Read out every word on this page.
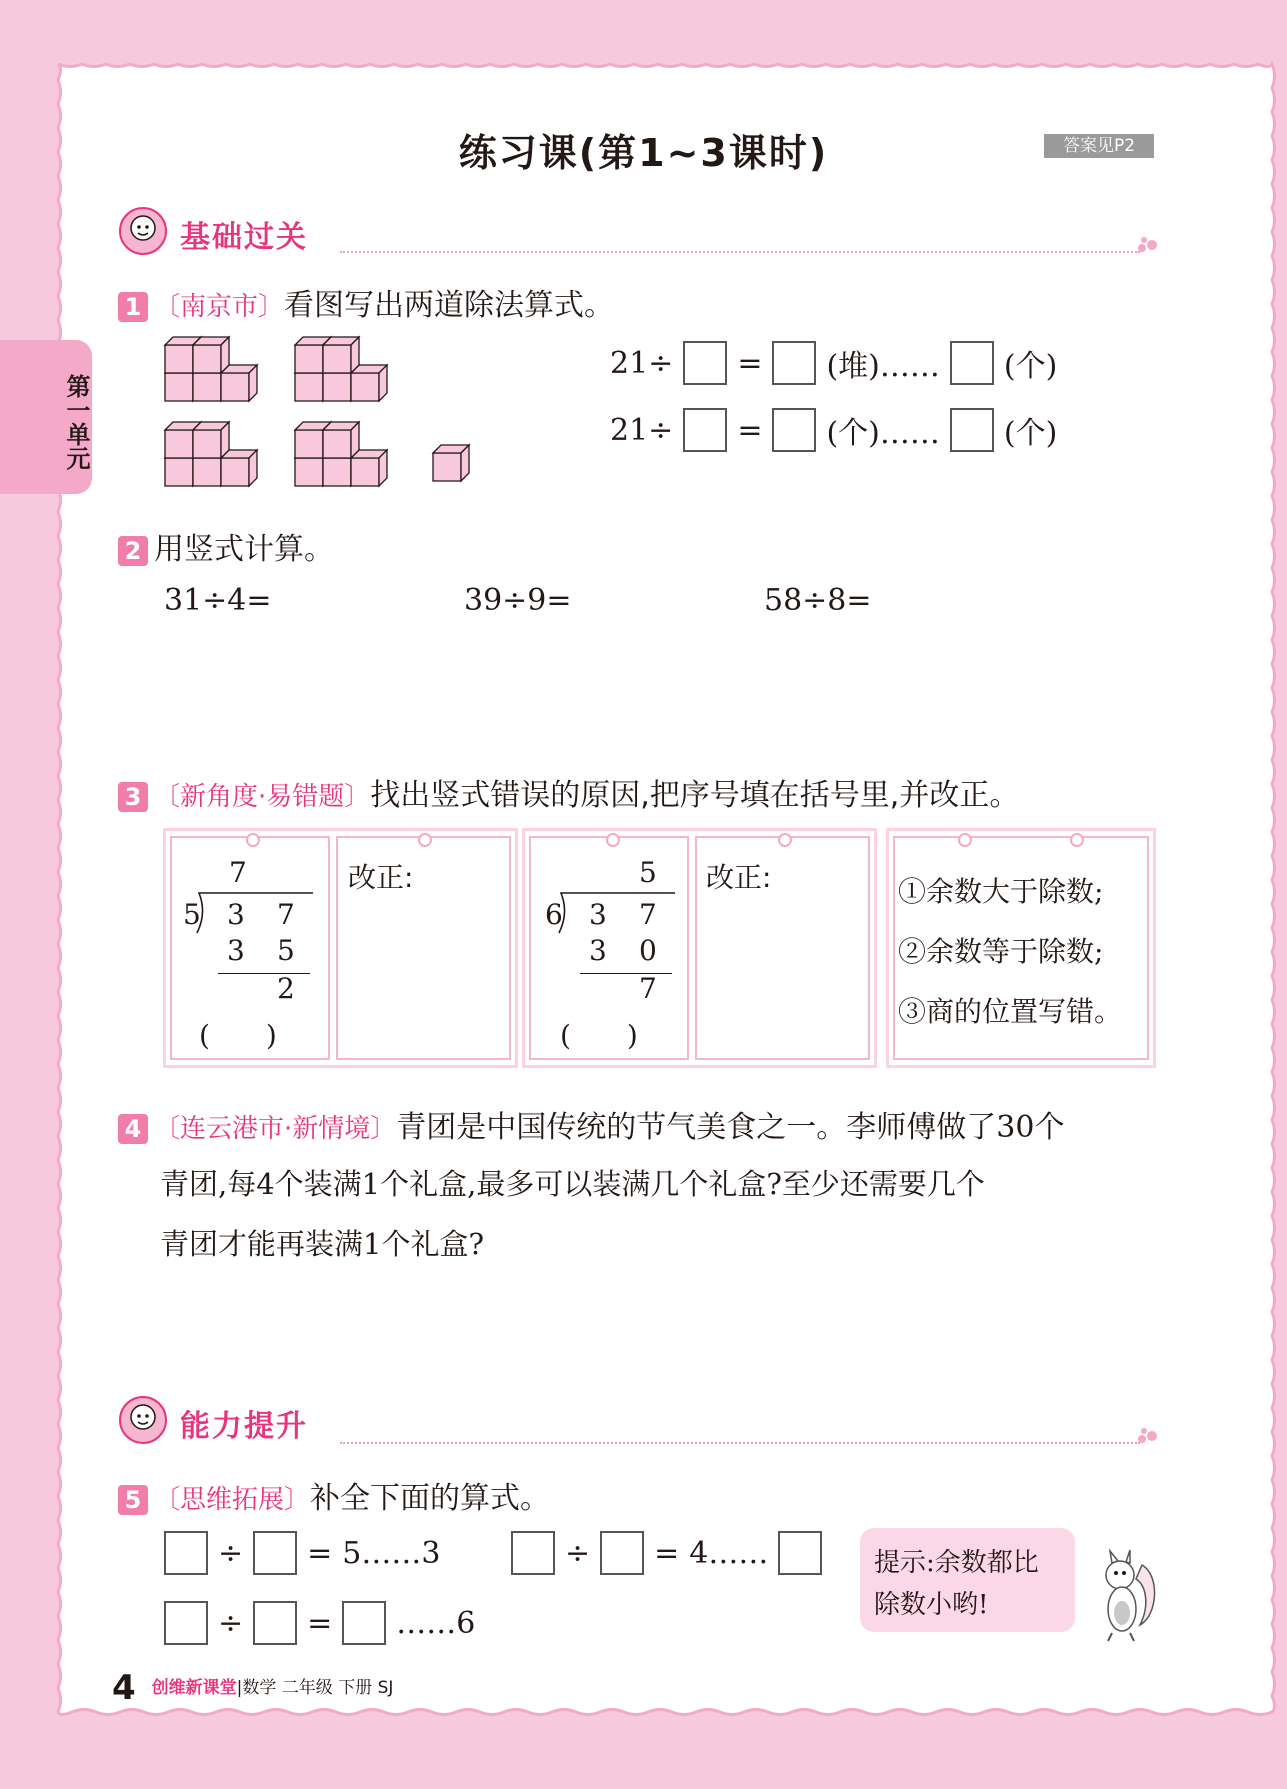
练习课(第1~3课时)	答案见P2
第一单元
基础过关
1 〔南京市〕看图写出两道除法算式。
21÷ = (堆)…… (个)
21÷ = (个)…… (个)
2 用竖式计算。
31÷4=	39÷9=	58÷8=
3 〔新角度·易错题〕找出竖式错误的原因,把序号填在括号里,并改正。
7
5 3 7
3 5
2
(　　)
改正:	5
6 3 7
3 0
7
(　　)
改正:	①余数大于除数;
②余数等于除数;
③商的位置写错。
4 〔连云港市·新情境〕青团是中国传统的节气美食之一。李师傅做了30个
青团,每4个装满1个礼盒,最多可以装满几个礼盒?至少还需要几个
青团才能再装满1个礼盒?
能力提升
5 〔思维拓展〕补全下面的算式。
÷ = 5……3	÷ = 4……
÷ = ……6
提示:余数都比
除数小哟!
4 创维新课堂|数学 二年级 下册 SJ
